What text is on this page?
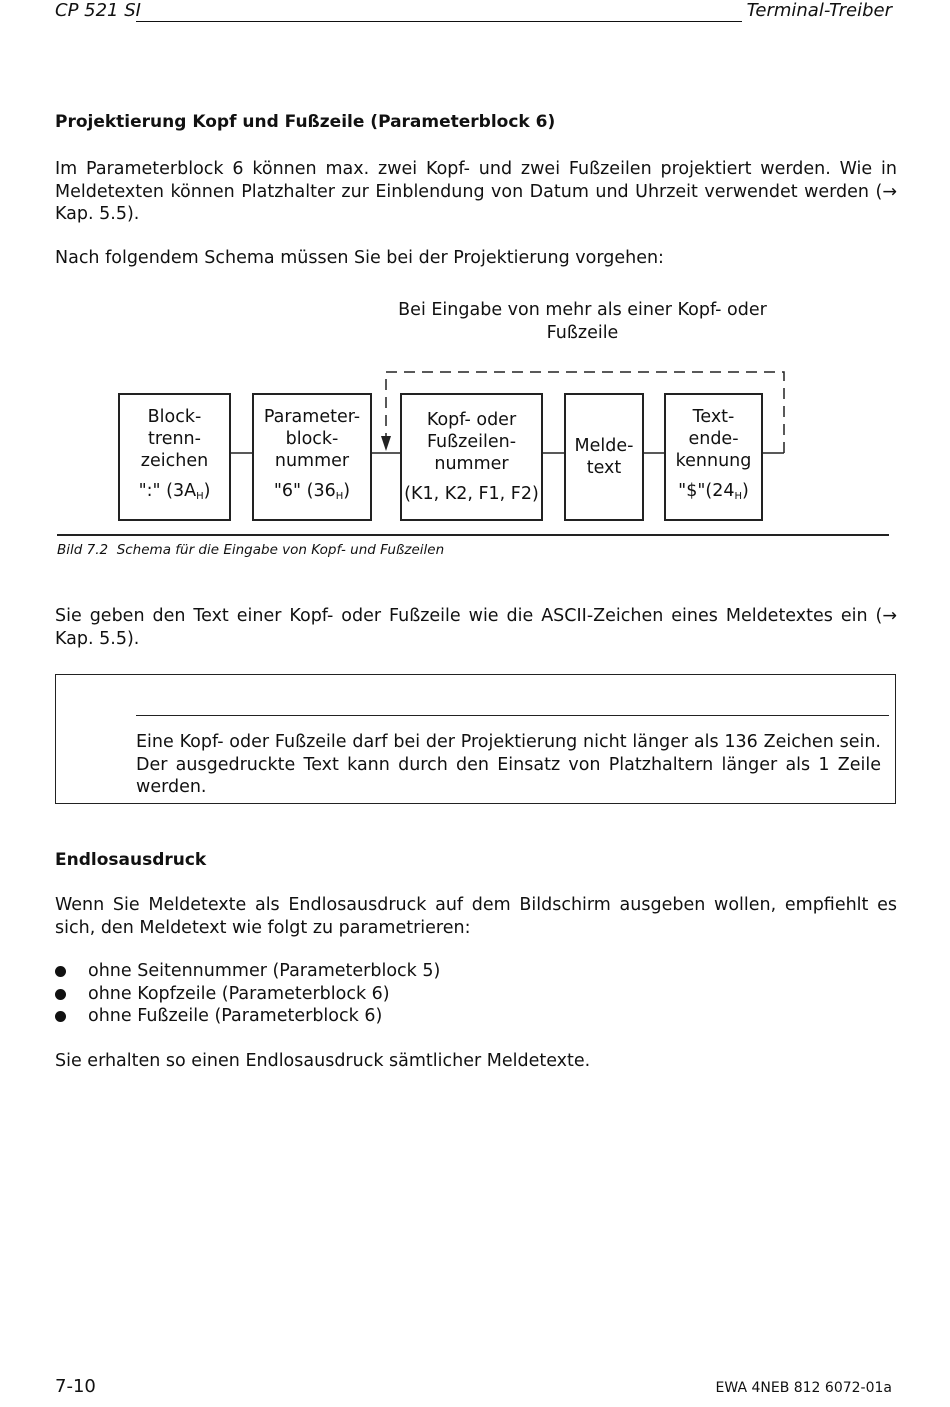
CP 521 SI	Terminal-Treiber
Projektierung Kopf und Fußzeile (Parameterblock 6)
Im Parameterblock 6 können max. zwei Kopf- und zwei Fußzeilen projektiert werden. Wie in Meldetexten können Platzhalter zur Einblendung von Datum und Uhrzeit verwendet werden (→ Kap. 5.5).
Nach folgendem Schema müssen Sie bei der Projektierung vorgehen:
Bei Eingabe von mehr als einer Kopf- oder
Fußzeile
Block-
trenn-
zeichen
":" $(3A_H)$
Parameter-
block-
nummer
"6" $(36_H)$
Kopf- oder
Fußzeilen-
nummer
(K1, K2, F1, F2)
Melde-
text
Text-
ende-
kennung
"$\$"(24_H)$
Bild 7.2 Schema für die Eingabe von Kopf- und Fußzeilen
Sie geben den Text einer Kopf- oder Fußzeile wie die ASCII-Zeichen eines Meldetextes ein (→ Kap. 5.5).
Eine Kopf- oder Fußzeile darf bei der Projektierung nicht länger als 136 Zeichen sein. Der ausgedruckte Text kann durch den Einsatz von Platzhaltern länger als 1 Zeile werden.
Endlosausdruck
Wenn Sie Meldetexte als Endlosausdruck auf dem Bildschirm ausgeben wollen, empfiehlt es sich, den Meldetext wie folgt zu parametrieren:
ohne Seitennummer (Parameterblock 5)
ohne Kopfzeile (Parameterblock 6)
ohne Fußzeile (Parameterblock 6)
Sie erhalten so einen Endlosausdruck sämtlicher Meldetexte.
7-10	EWA 4NEB 812 6072-01a
